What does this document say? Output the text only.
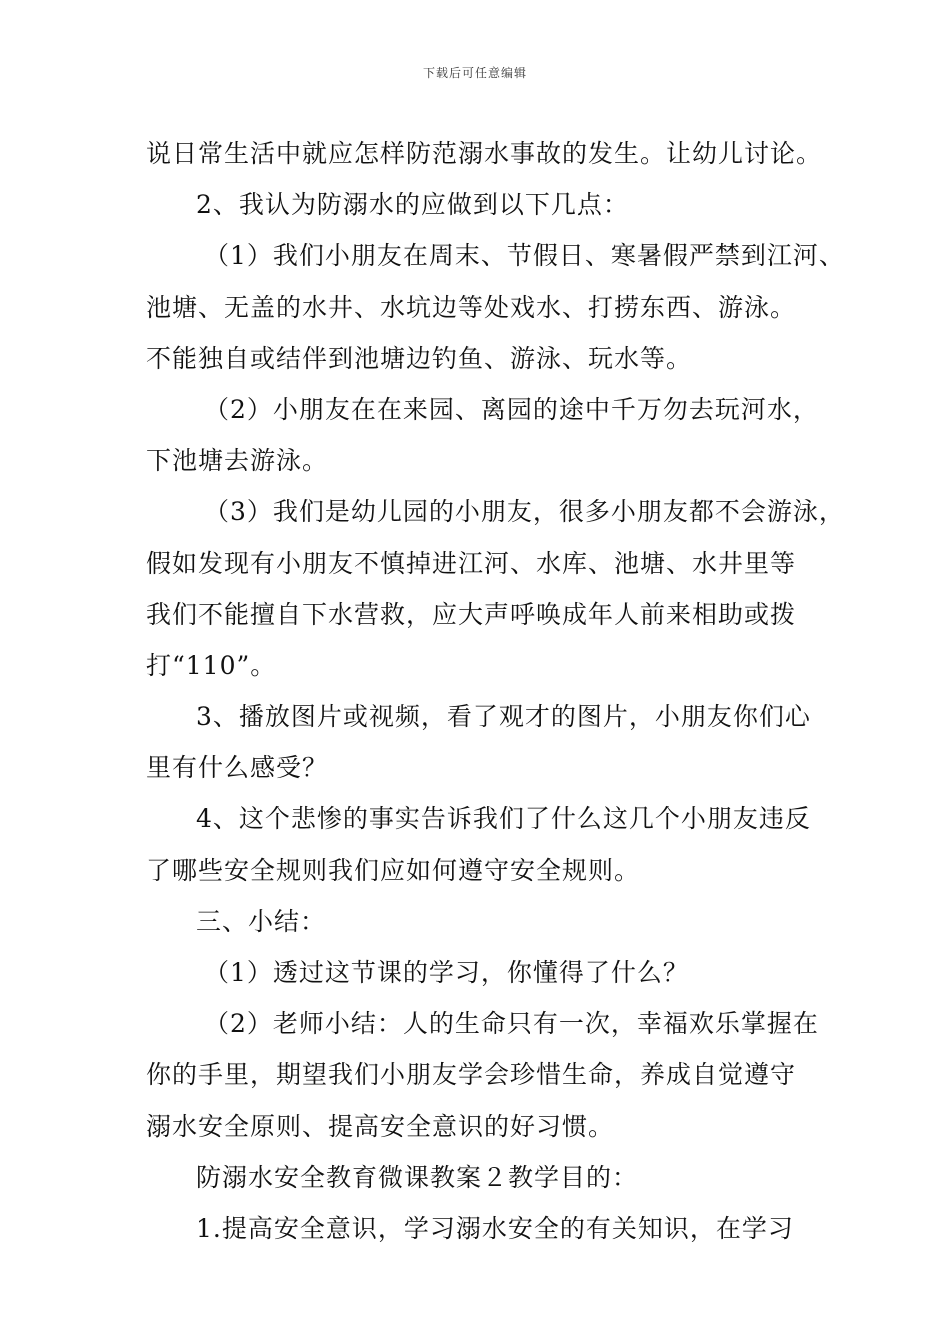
下载后可任意编辑
说日常生活中就应怎样防范溺水事故的发生。让幼儿讨论。
2、我认为防溺水的应做到以下几点：
（1）我们小朋友在周末、节假日、寒暑假严禁到江河、
池塘、无盖的水井、水坑边等处戏水、打捞东西、游泳。
不能独自或结伴到池塘边钓鱼、游泳、玩水等。
（2）小朋友在在来园、离园的途中千万勿去玩河水，
下池塘去游泳。
（3）我们是幼儿园的小朋友，很多小朋友都不会游泳，
假如发现有小朋友不慎掉进江河、水库、池塘、水井里等
我们不能擅自下水营救，应大声呼唤成年人前来相助或拨
打“110”。
3、播放图片或视频，看了观才的图片，小朋友你们心
里有什么感受？
4、这个悲惨的事实告诉我们了什么这几个小朋友违反
了哪些安全规则我们应如何遵守安全规则。
三、小结：
（1）透过这节课的学习，你懂得了什么？
（2）老师小结：人的生命只有一次，幸福欢乐掌握在
你的手里，期望我们小朋友学会珍惜生命，养成自觉遵守
溺水安全原则、提高安全意识的好习惯。
防溺水安全教育微课教案２教学目的：
1.提高安全意识，学习溺水安全的有关知识，在学习
